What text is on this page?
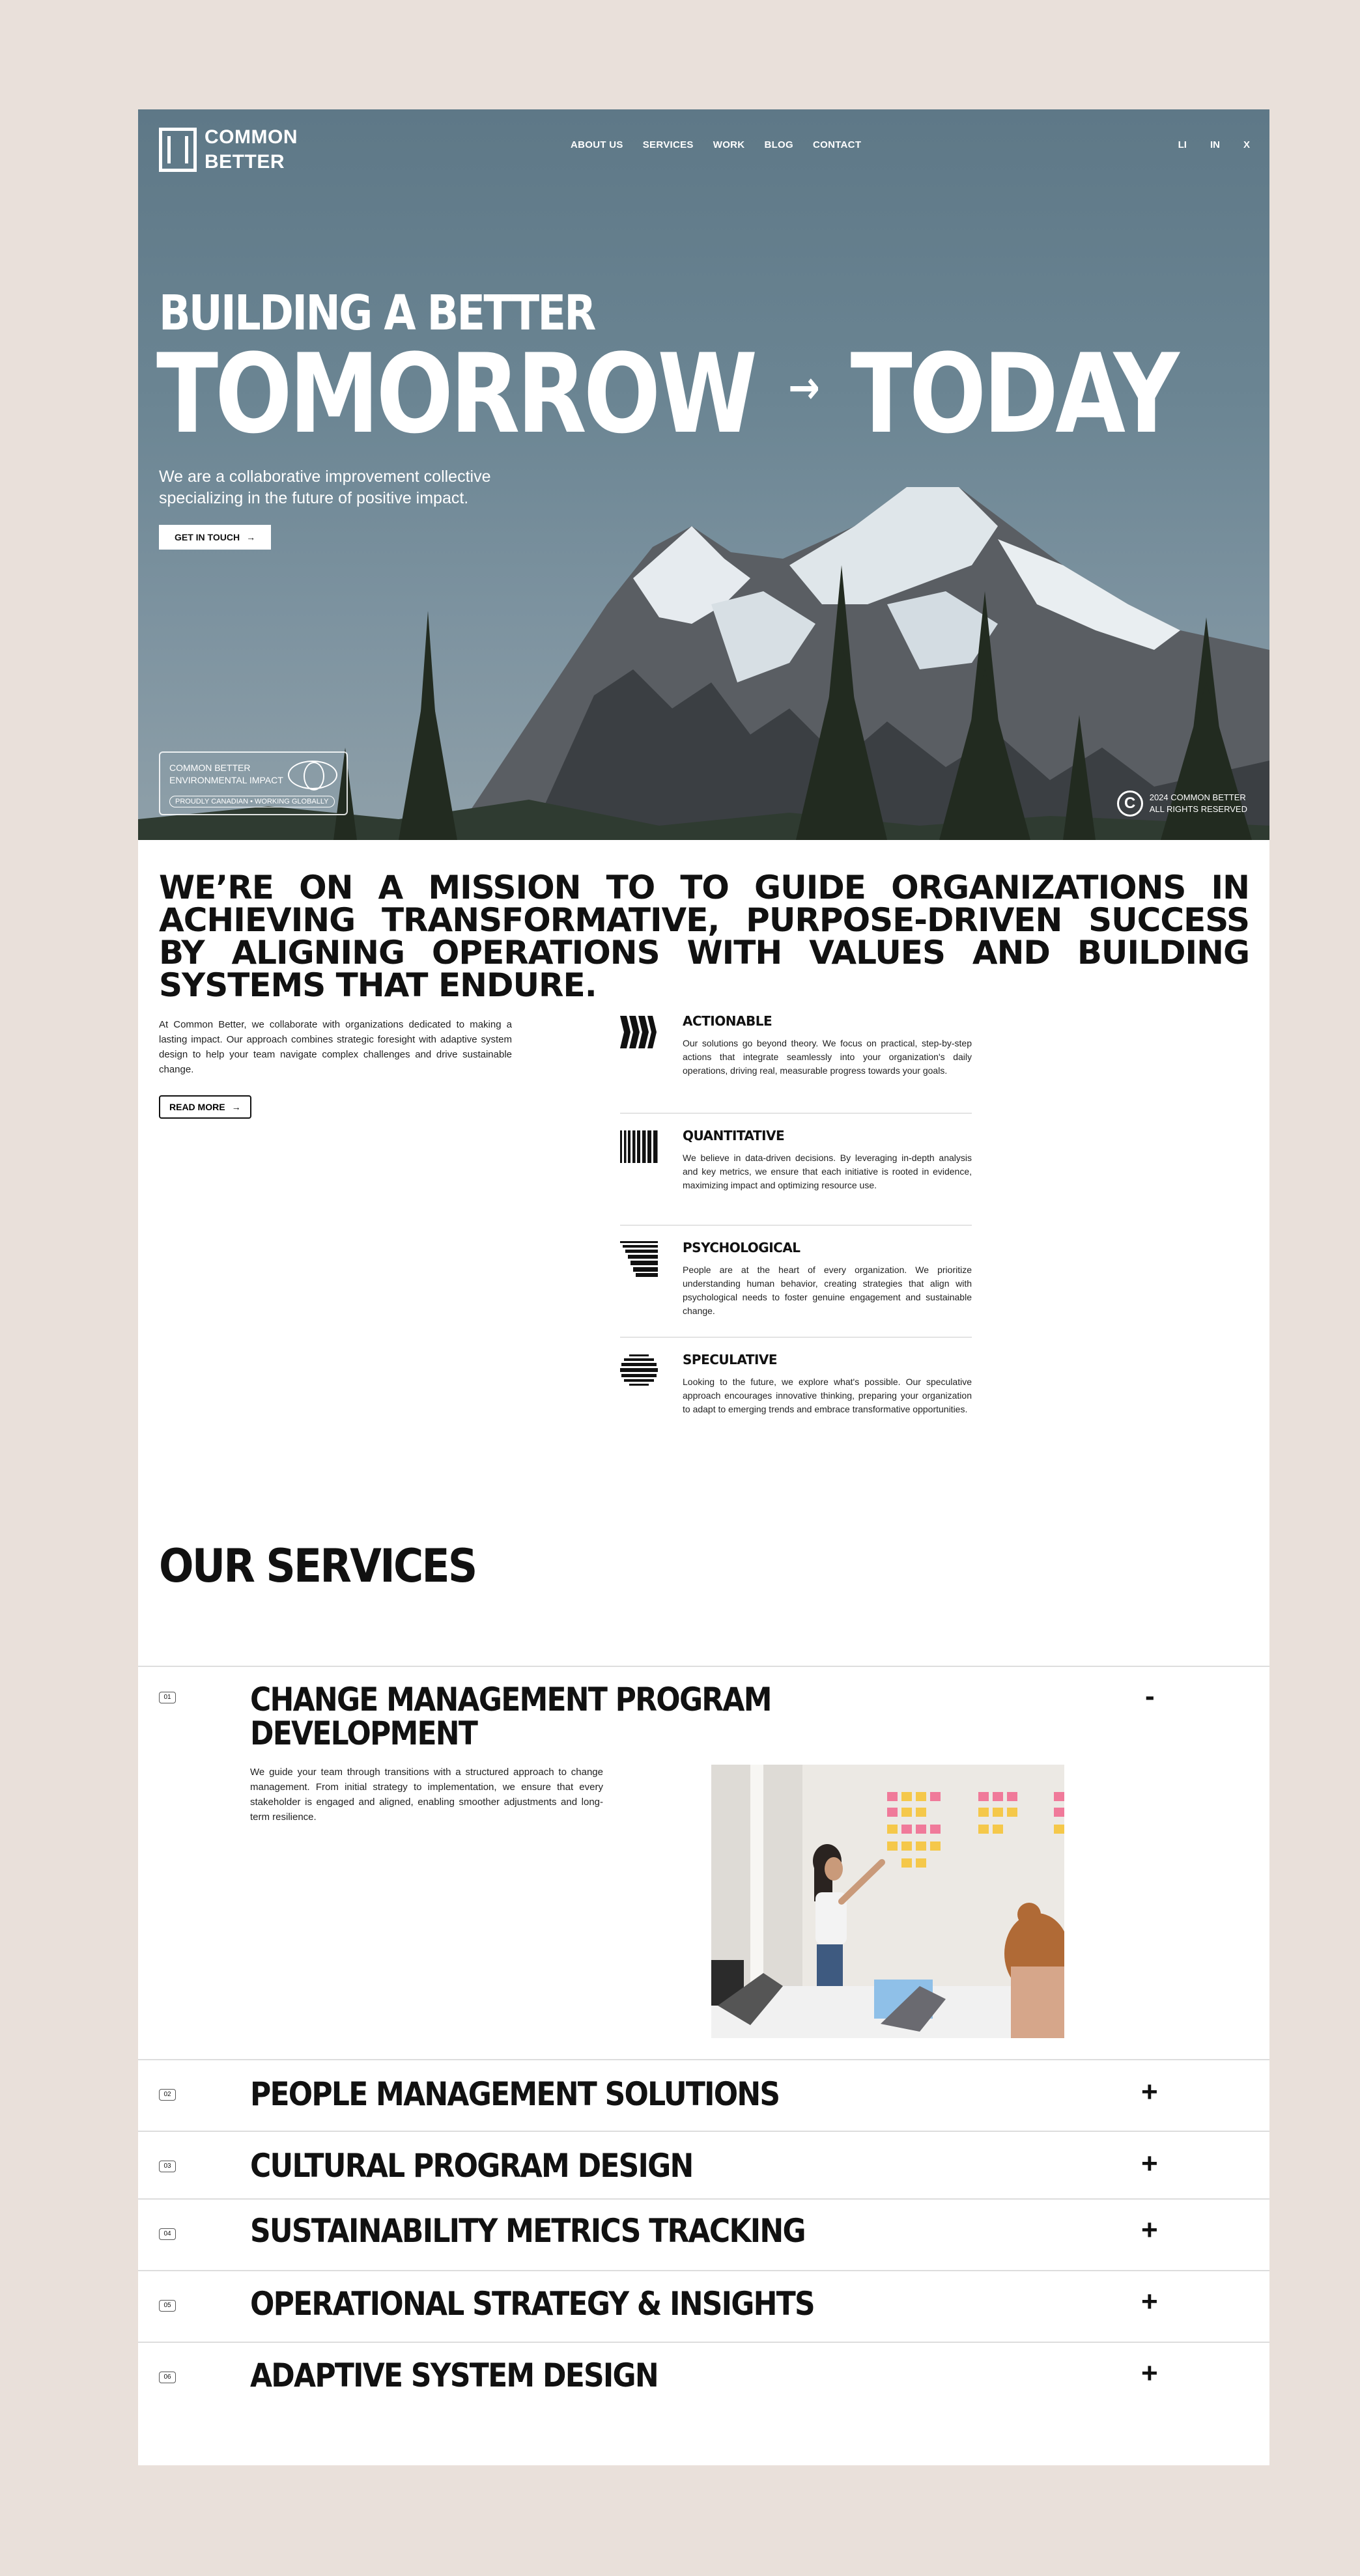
COMMON
BETTER
ABOUT US SERVICES WORK BLOG CONTACT	LI IN X
BUILDING A BETTER
TOMORROW → TODAY

We are a collaborative improvement collective specializing in the future of positive impact.

GET IN TOUCH →
COMMON BETTER
ENVIRONMENTAL IMPACT
PROUDLY CANADIAN • WORKING GLOBALLY	C	2024 COMMON BETTER
ALL RIGHTS RESERVED
WE’RE ON A MISSION TO TO GUIDE ORGANIZATIONS IN ACHIEVING TRANSFORMATIVE, PURPOSE-DRIVEN SUCCESS BY ALIGNING OPERATIONS WITH VALUES AND BUILDING SYSTEMS THAT ENDURE.

At Common Better, we collaborate with organizations dedicated to making a lasting impact. Our approach combines strategic foresight with adaptive system design to help your team navigate complex challenges and drive sustainable change.

READ MORE →
ACTIONABLE

Our solutions go beyond theory. We focus on practical, step-by-step actions that integrate seamlessly into your organization's daily operations, driving real, measurable progress towards your goals.

QUANTITATIVE

We believe in data-driven decisions. By leveraging in-depth analysis and key metrics, we ensure that each initiative is rooted in evidence, maximizing impact and optimizing resource use.

PSYCHOLOGICAL

People are at the heart of every organization. We prioritize understanding human behavior, creating strategies that align with psychological needs to foster genuine engagement and sustainable change.

SPECULATIVE

Looking to the future, we explore what's possible. Our speculative approach encourages innovative thinking, preparing your organization to adapt to emerging trends and embrace transformative opportunities.

OUR SERVICES
01 CHANGE MANAGEMENT PROGRAM
DEVELOPMENT
-

We guide your team through transitions with a structured approach to change management. From initial strategy to implementation, we ensure that every stakeholder is engaged and aligned, enabling smoother adjustments and long-term resilience.

02 PEOPLE MANAGEMENT SOLUTIONS	+
03 CULTURAL PROGRAM DESIGN	+
04 SUSTAINABILITY METRICS TRACKING	+
05 OPERATIONAL STRATEGY & INSIGHTS	+
06 ADAPTIVE SYSTEM DESIGN	+
